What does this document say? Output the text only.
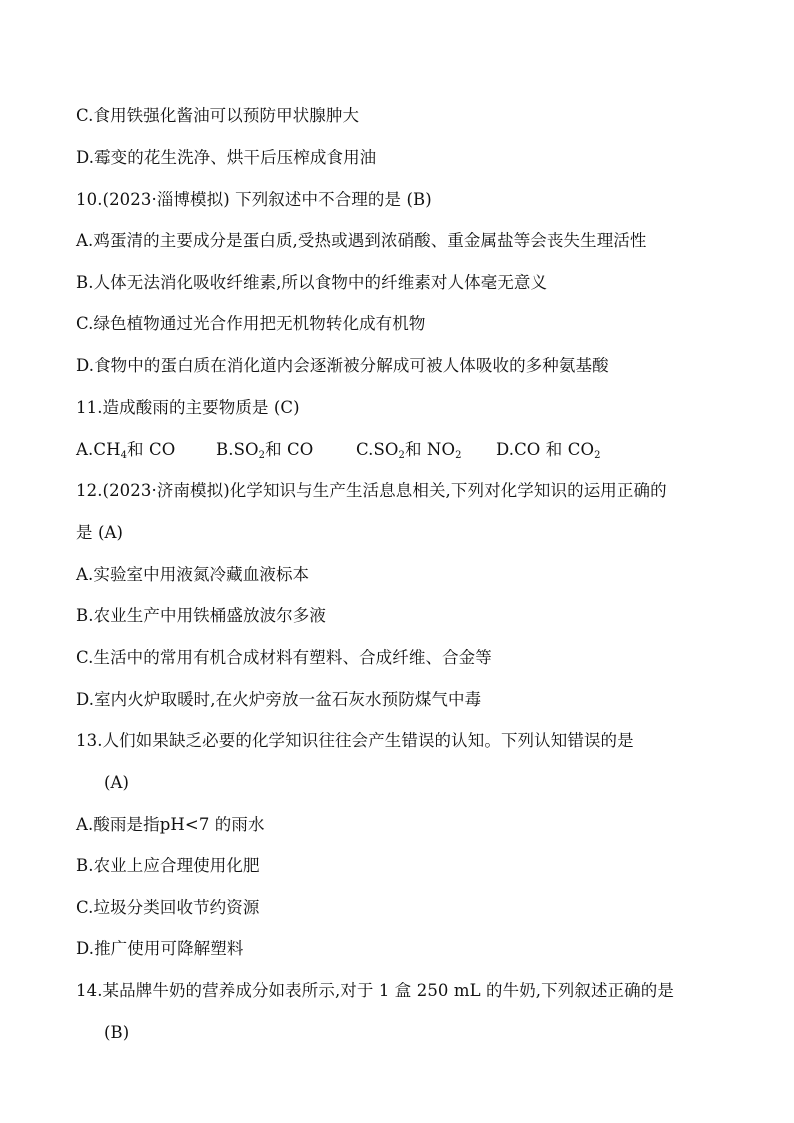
C.食用铁强化酱油可以预防甲状腺肿大
D.霉变的花生洗净、烘干后压榨成食用油
10.(2023·淄博模拟) 下列叙述中不合理的是 (B)
A.鸡蛋清的主要成分是蛋白质,受热或遇到浓硝酸、重金属盐等会丧失生理活性
B.人体无法消化吸收纤维素,所以食物中的纤维素对人体毫无意义
C.绿色植物通过光合作用把无机物转化成有机物
D.食物中的蛋白质在消化道内会逐渐被分解成可被人体吸收的多种氨基酸
11.造成酸雨的主要物质是 (C)
$A.CH_4$和 CO	$B.SO_2$和 CO	$C.SO_2$和 $NO_2$	D.CO 和 $CO_2$
12.(2023·济南模拟)化学知识与生产生活息息相关,下列对化学知识的运用正确的
是 (A)
A.实验室中用液氮冷藏血液标本
B.农业生产中用铁桶盛放波尔多液
C.生活中的常用有机合成材料有塑料、合成纤维、合金等
D.室内火炉取暖时,在火炉旁放一盆石灰水预防煤气中毒
13.人们如果缺乏必要的化学知识往往会产生错误的认知。下列认知错误的是
(A)
A.酸雨是指pH<7 的雨水
B.农业上应合理使用化肥
C.垃圾分类回收节约资源
D.推广使用可降解塑料
14.某品牌牛奶的营养成分如表所示,对于 1 盒 250 mL 的牛奶,下列叙述正确的是
(B)
